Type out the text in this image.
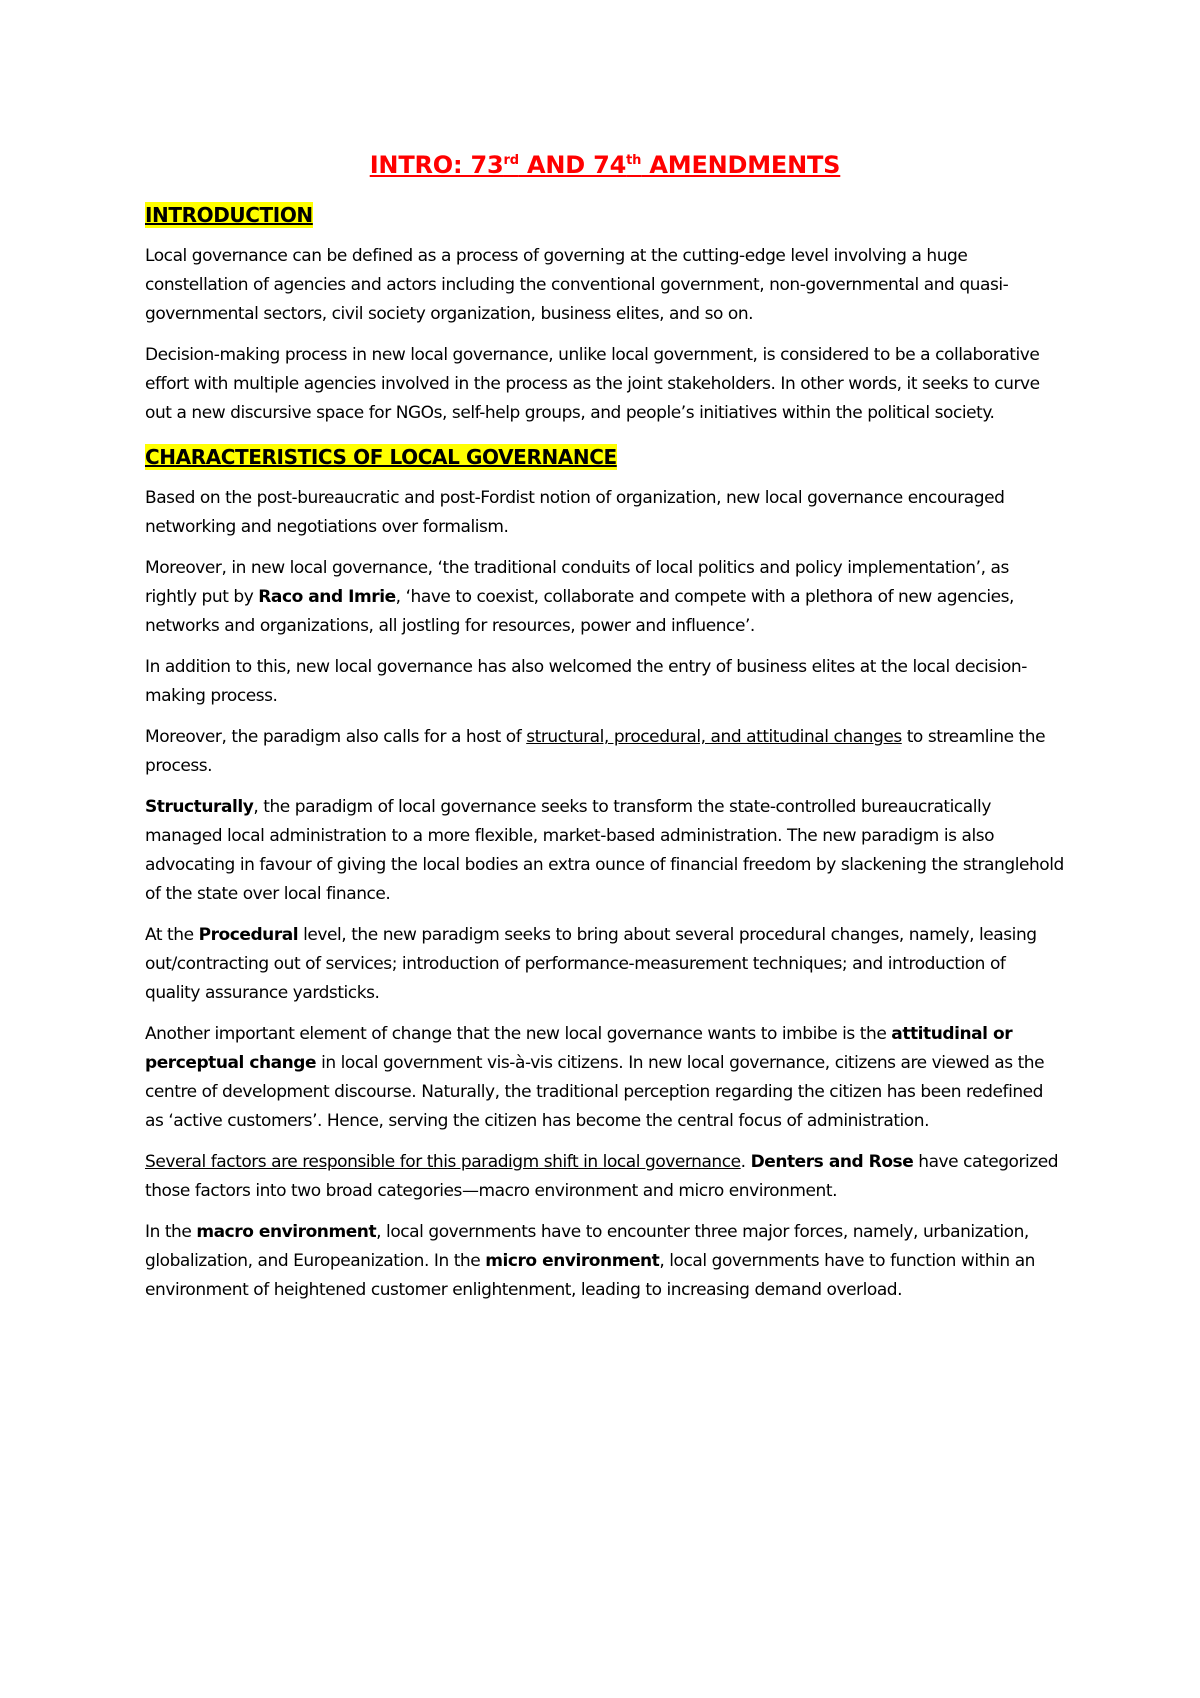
INTRO: 73rd AND 74th AMENDMENTS
INTRODUCTION

Local governance can be defined as a process of governing at the cutting-edge level involving a huge constellation of agencies and actors including the conventional government, non-governmental and quasi-governmental sectors, civil society organization, business elites, and so on.

Decision-making process in new local governance, unlike local government, is considered to be a collaborative effort with multiple agencies involved in the process as the joint stakeholders. In other words, it seeks to curve out a new discursive space for NGOs, self-help groups, and people’s initiatives within the political society.

CHARACTERISTICS OF LOCAL GOVERNANCE

Based on the post-bureaucratic and post-Fordist notion of organization, new local governance encouraged networking and negotiations over formalism.

Moreover, in new local governance, ‘the traditional conduits of local politics and policy implementation’, as rightly put by Raco and Imrie, ‘have to coexist, collaborate and compete with a plethora of new agencies, networks and organizations, all jostling for resources, power and influence’.

In addition to this, new local governance has also welcomed the entry of business elites at the local decision-making process.

Moreover, the paradigm also calls for a host of structural, procedural, and attitudinal changes to streamline the process.

Structurally, the paradigm of local governance seeks to transform the state-controlled bureaucratically managed local administration to a more flexible, market-based administration. The new paradigm is also advocating in favour of giving the local bodies an extra ounce of financial freedom by slackening the stranglehold of the state over local finance.

At the Procedural level, the new paradigm seeks to bring about several procedural changes, namely, leasing out/contracting out of services; introduction of performance-measurement techniques; and introduction of quality assurance yardsticks.

Another important element of change that the new local governance wants to imbibe is the attitudinal or perceptual change in local government vis-à-vis citizens. In new local governance, citizens are viewed as the centre of development discourse. Naturally, the traditional perception regarding the citizen has been redefined as ‘active customers’. Hence, serving the citizen has become the central focus of administration.

Several factors are responsible for this paradigm shift in local governance. Denters and Rose have categorized those factors into two broad categories—macro environment and micro environment.

In the macro environment, local governments have to encounter three major forces, namely, urbanization, globalization, and Europeanization. In the micro environment, local governments have to function within an environment of heightened customer enlightenment, leading to increasing demand overload.
